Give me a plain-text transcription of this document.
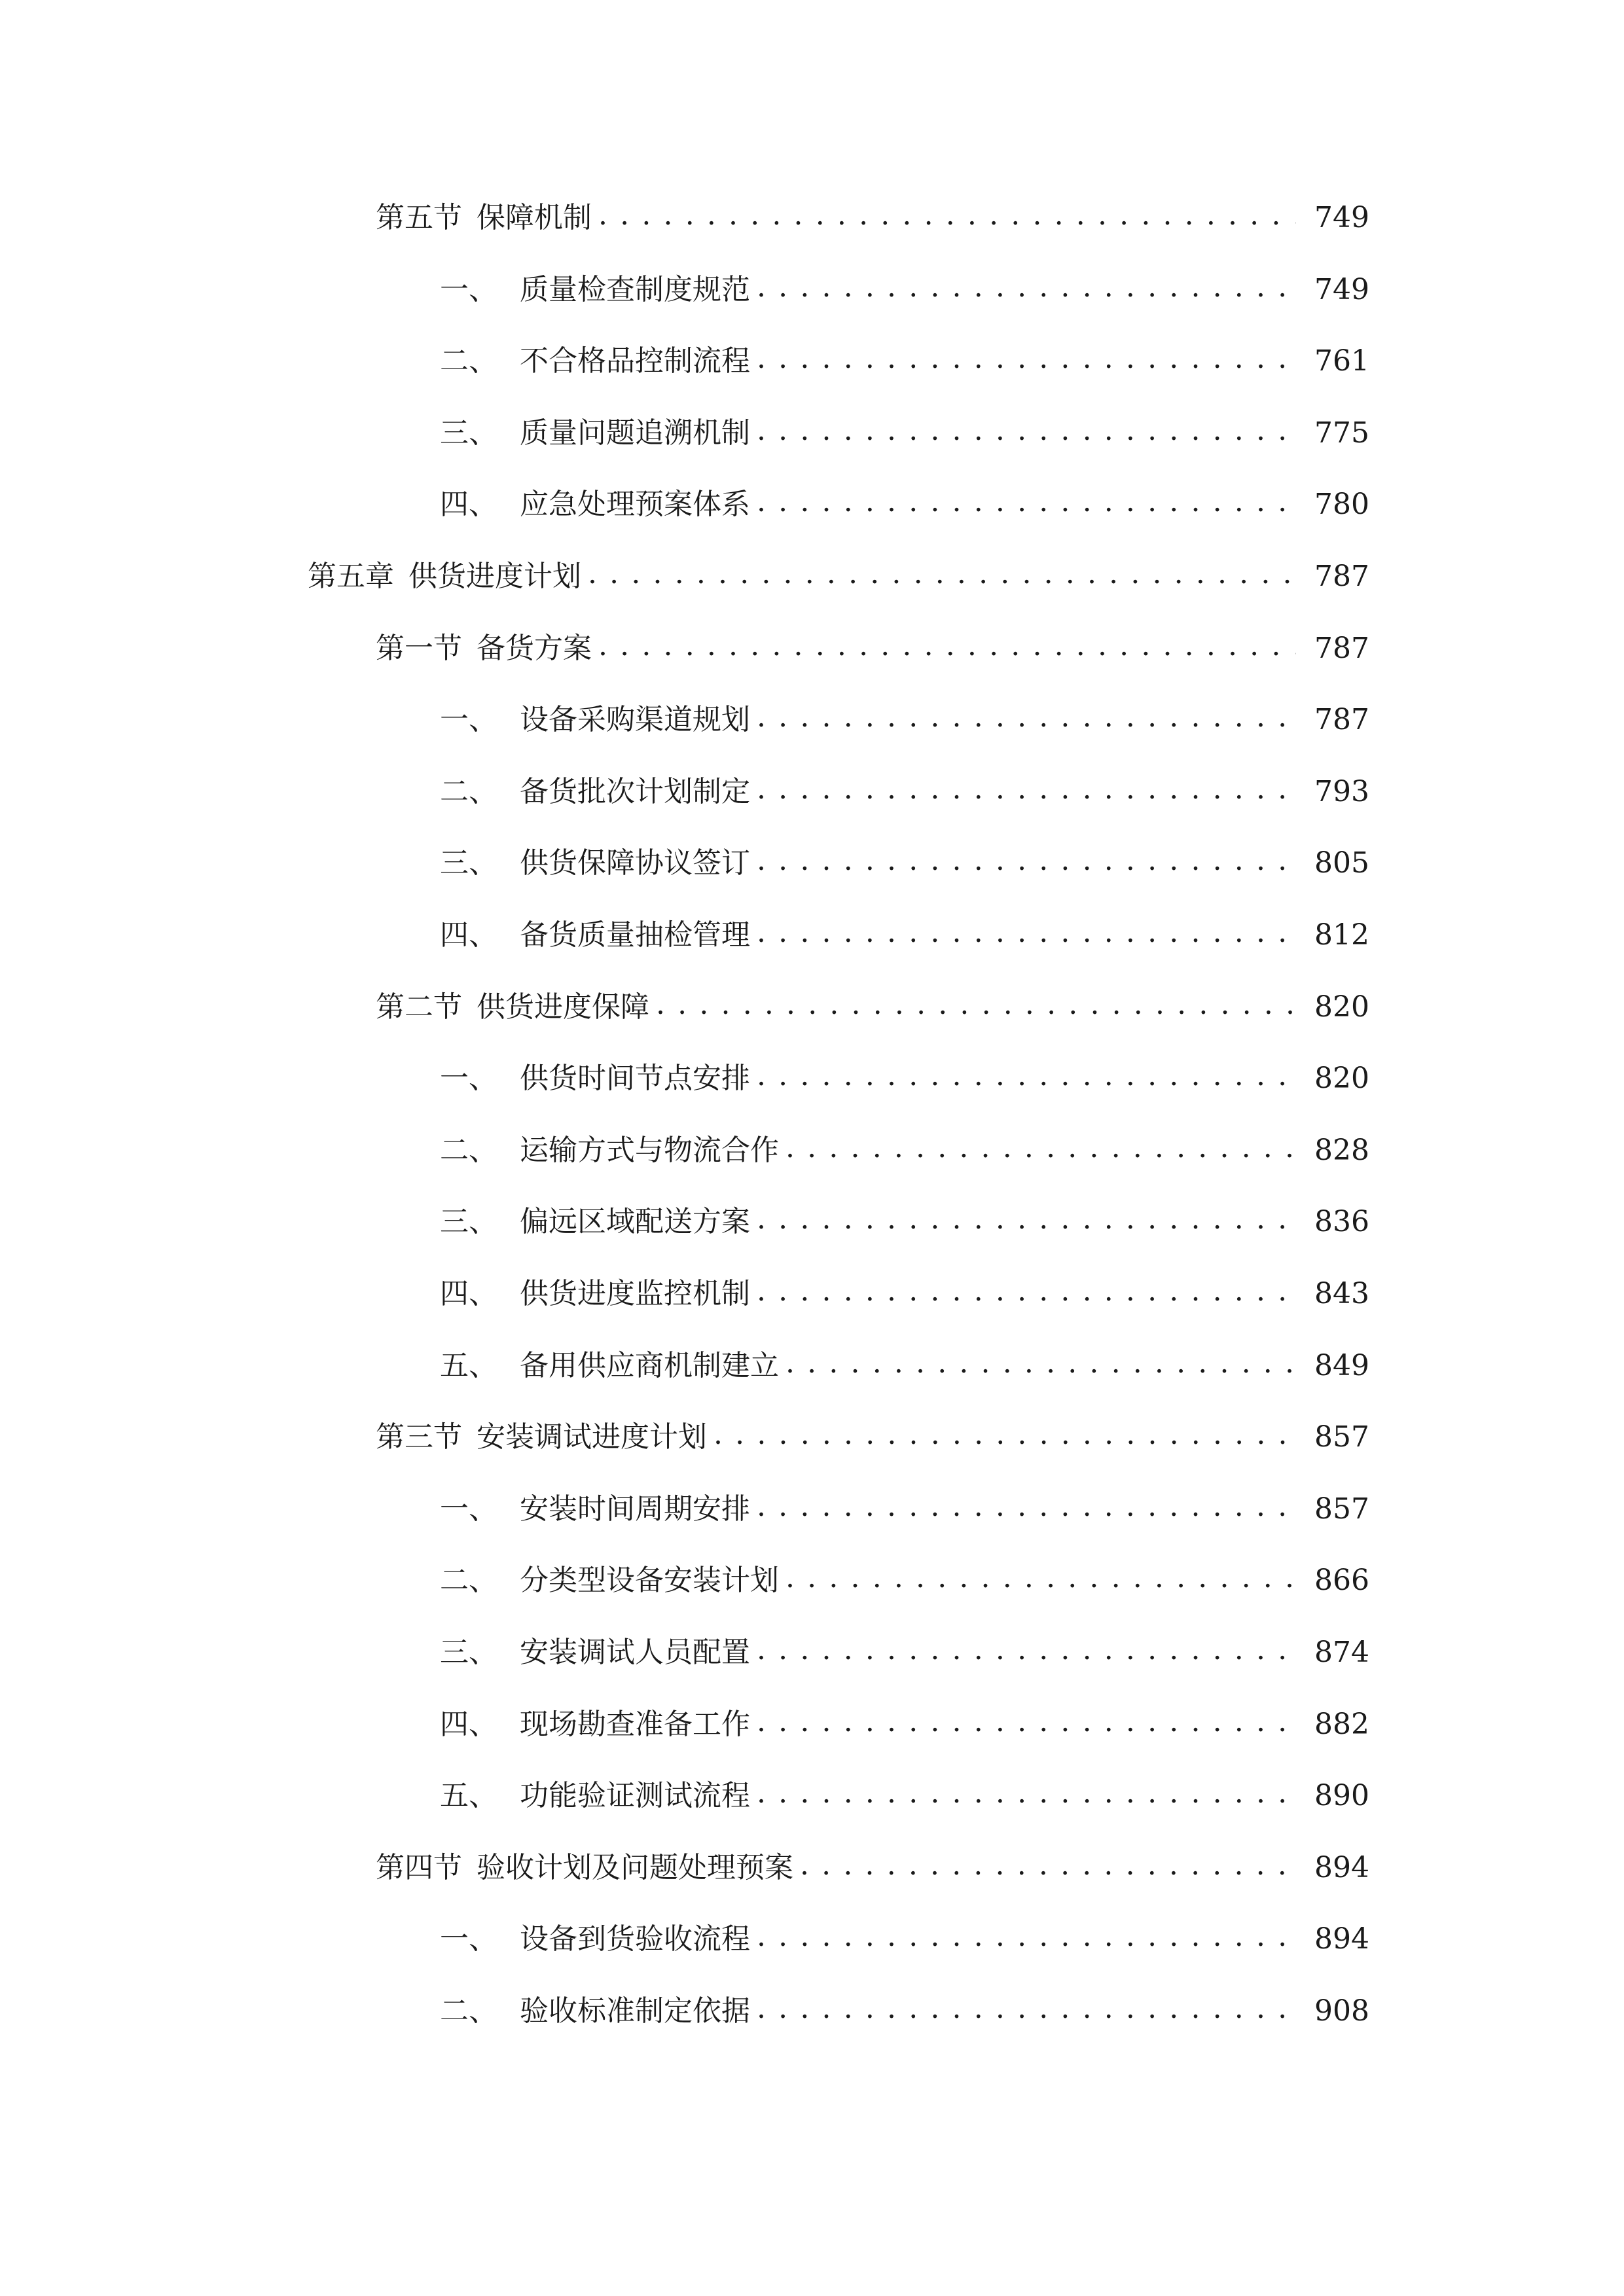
第五节 保障机制 . . .	749
一、 质量检查制度规范 . . .	749
二、 不合格品控制流程 . . .	761
三、 质量问题追溯机制 . . .	775
四、 应急处理预案体系 . . .	780
第五章 供货进度计划 . . .	787
第一节 备货方案 . . .	787
一、 设备采购渠道规划 . . .	787
二、 备货批次计划制定 . . .	793
三、 供货保障协议签订 . . .	805
四、 备货质量抽检管理 . . .	812
第二节 供货进度保障 . . .	820
一、 供货时间节点安排 . . .	820
二、 运输方式与物流合作 . . .	828
三、 偏远区域配送方案 . . .	836
四、 供货进度监控机制 . . .	843
五、 备用供应商机制建立 . . .	849
第三节 安装调试进度计划 . . .	857
一、 安装时间周期安排 . . .	857
二、 分类型设备安装计划 . . .	866
三、 安装调试人员配置 . . .	874
四、 现场勘查准备工作 . . .	882
五、 功能验证测试流程 . . .	890
第四节 验收计划及问题处理预案 . . .	894
一、 设备到货验收流程 . . .	894
二、 验收标准制定依据 . . .	908
